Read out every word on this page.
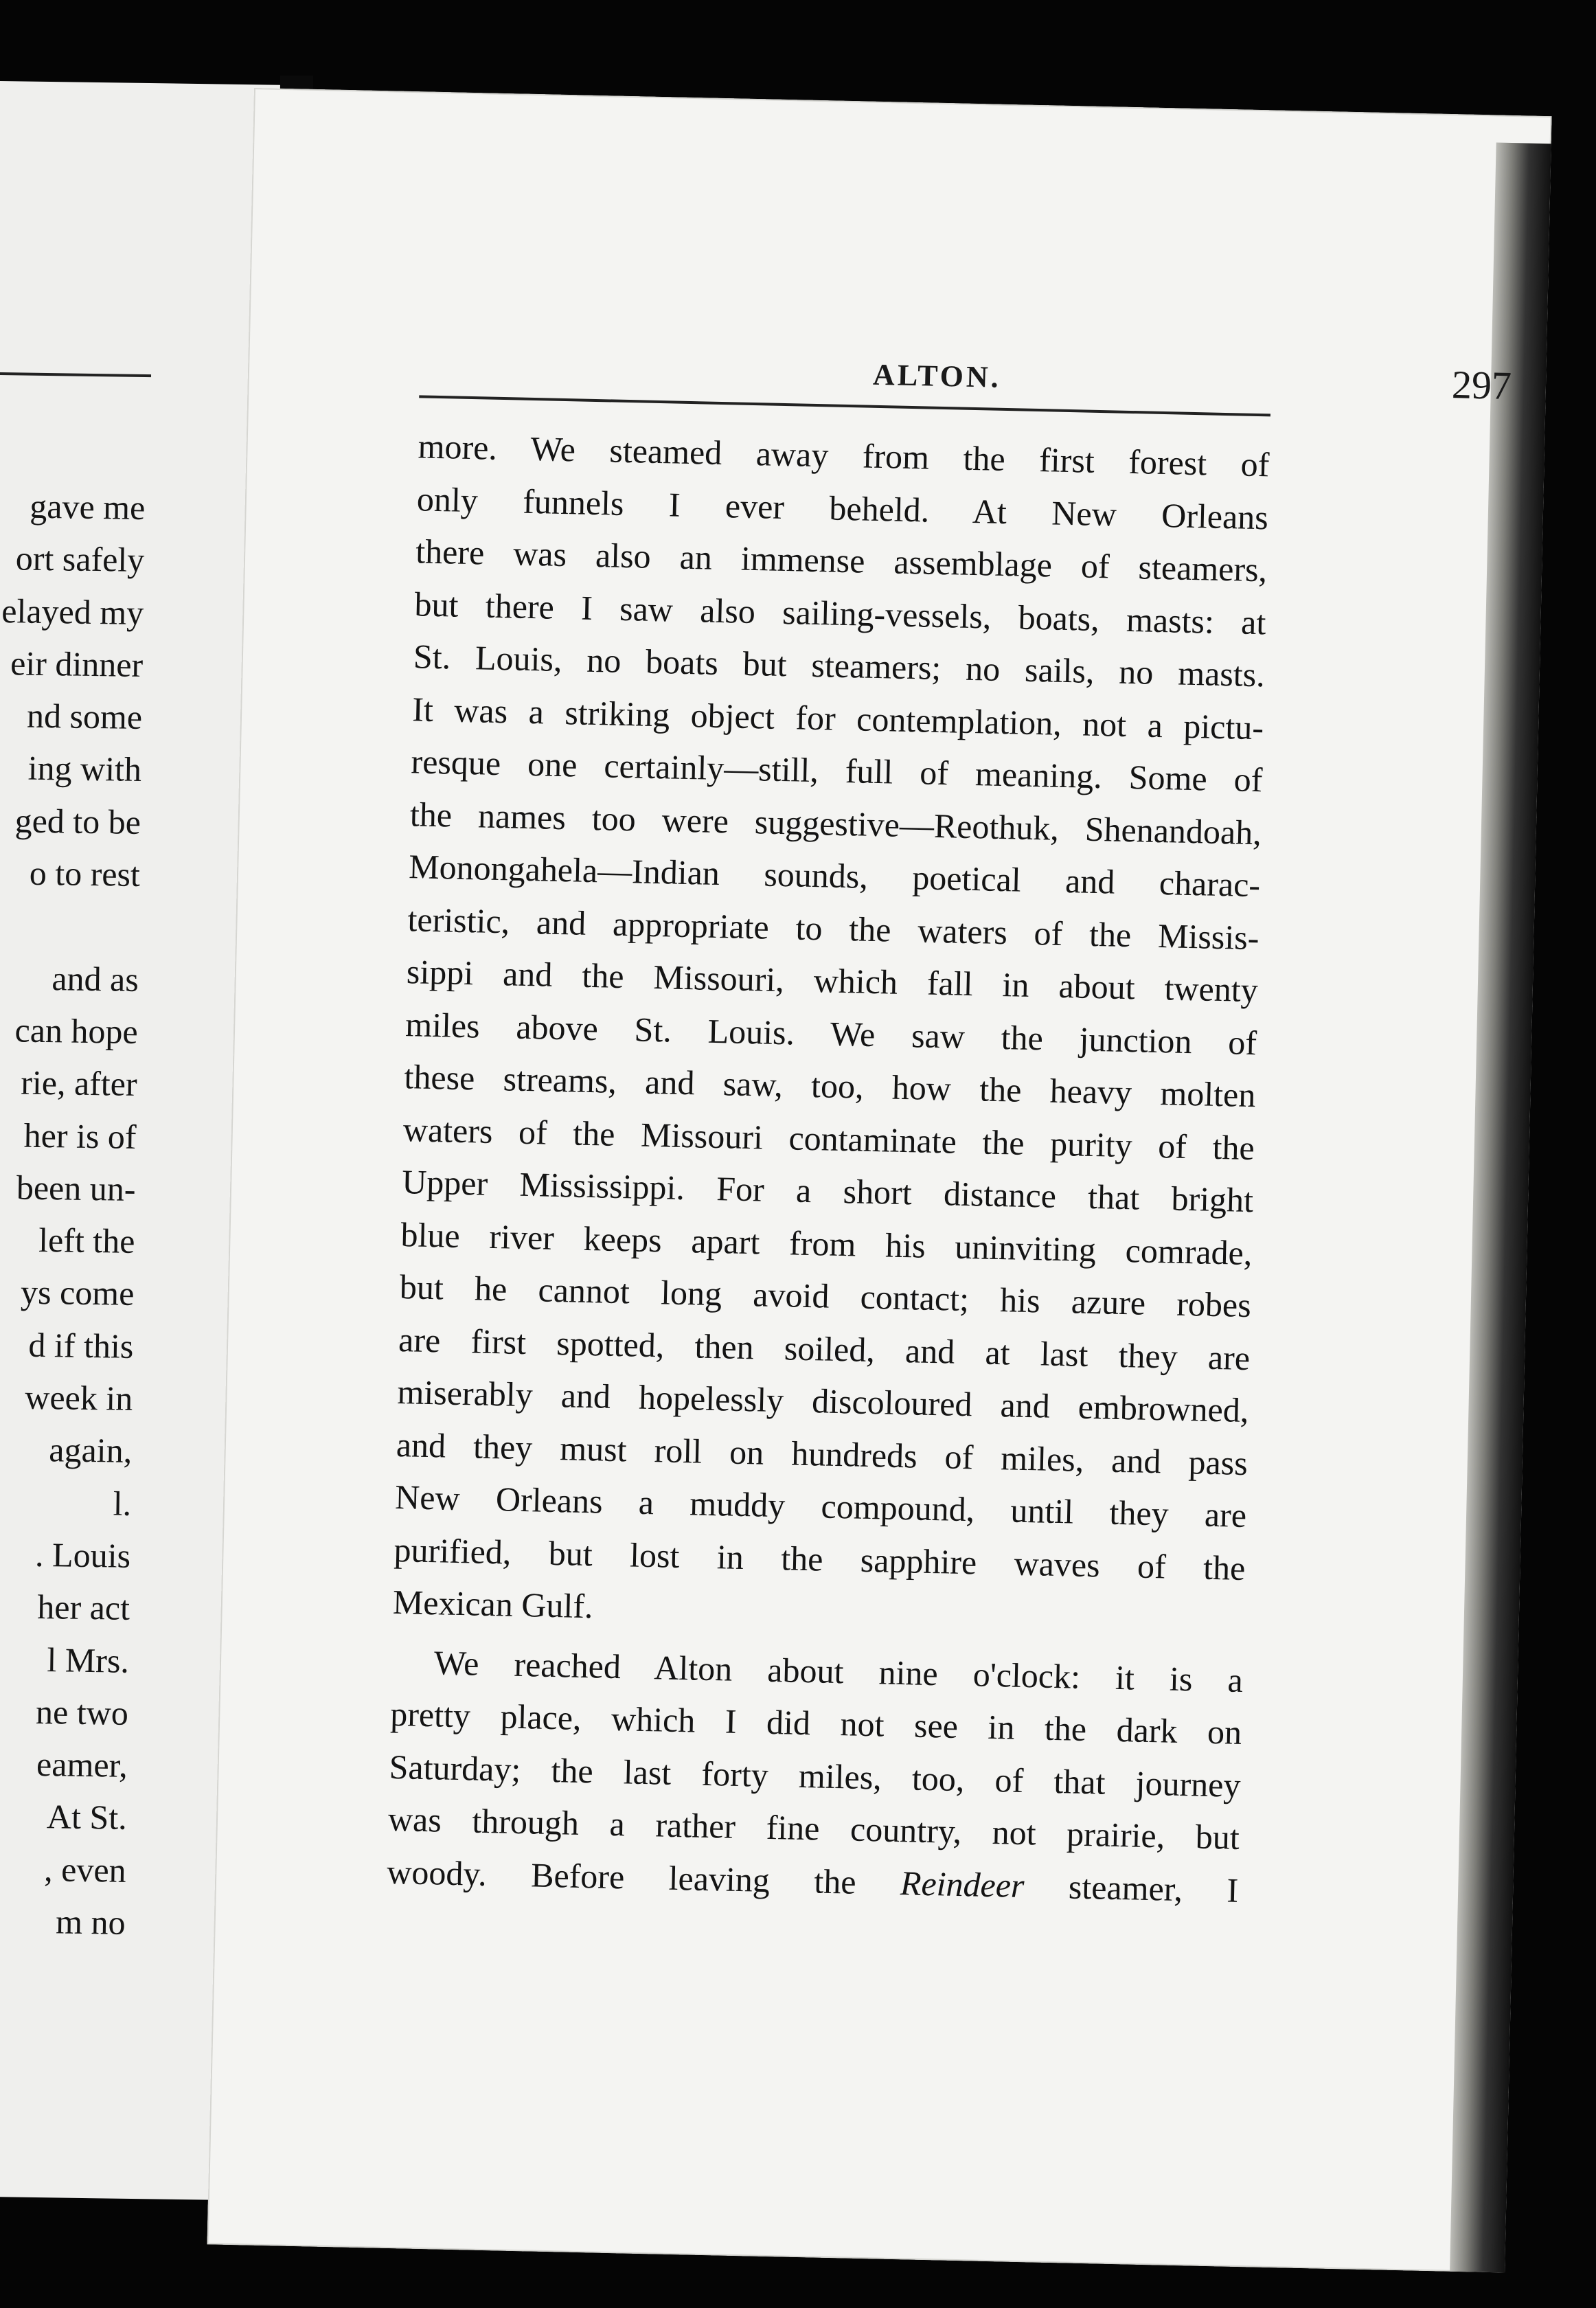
gave me
ort safely
elayed my
eir dinner
nd some
ing with
ged to be
o to rest
and as
can hope
rie, after
her is of
been un-
left the
ys come
d if this
week in
again,
l.
. Louis
her act
l Mrs.
ne two
eamer,
At St.
, even
m no
ALTON.	297
more. We steamed away from the first forest of
only funnels I ever beheld. At New Orleans
there was also an immense assemblage of steamers,
but there I saw also sailing-vessels, boats, masts: at
St. Louis, no boats but steamers; no sails, no masts.
It was a striking object for contemplation, not a pictu-
resque one certainly—still, full of meaning. Some of
the names too were suggestive—Reothuk, Shenandoah,
Monongahela—Indian sounds, poetical and charac-
teristic, and appropriate to the waters of the Missis-
sippi and the Missouri, which fall in about twenty
miles above St. Louis. We saw the junction of
these streams, and saw, too, how the heavy molten
waters of the Missouri contaminate the purity of the
Upper Mississippi. For a short distance that bright
blue river keeps apart from his uninviting comrade,
but he cannot long avoid contact; his azure robes
are first spotted, then soiled, and at last they are
miserably and hopelessly discoloured and embrowned,
and they must roll on hundreds of miles, and pass
New Orleans a muddy compound, until they are
purified, but lost in the sapphire waves of the
Mexican Gulf.
We reached Alton about nine o'clock: it is a
pretty place, which I did not see in the dark on
Saturday; the last forty miles, too, of that journey
was through a rather fine country, not prairie, but
woody. Before leaving the Reindeer steamer, I
